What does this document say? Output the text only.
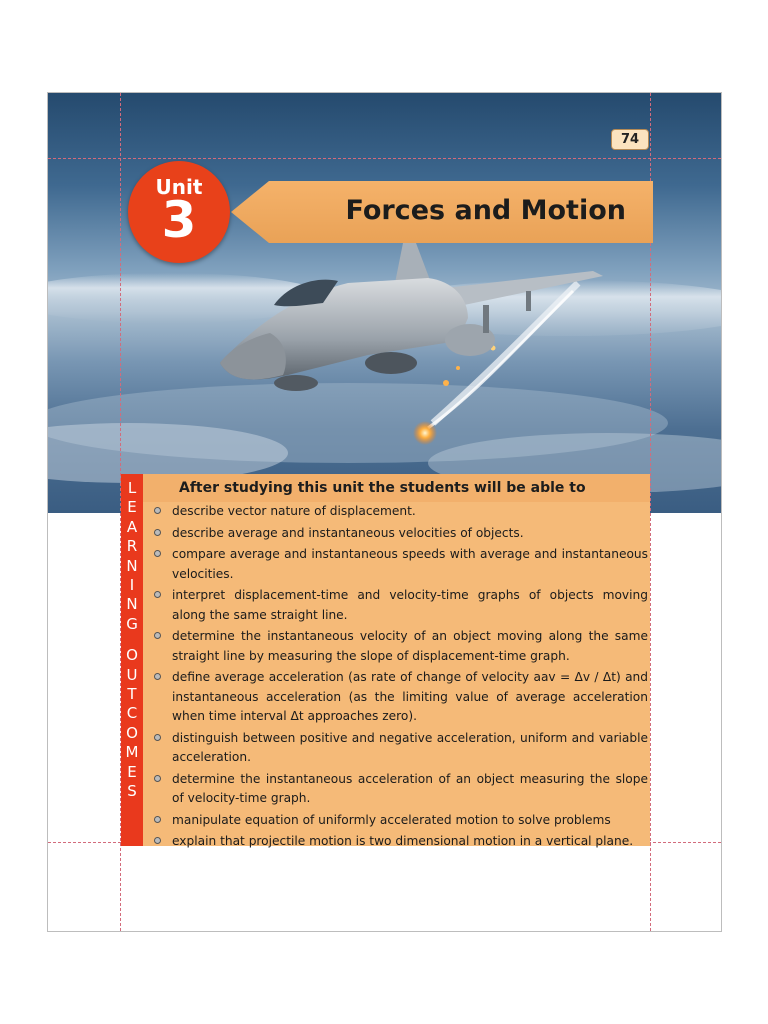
74
Forces and Motion
Unit
3
L
E
A
R
N
I
N
G
O
U
T
C
O
M
E
S
After studying this unit the students will be able to
describe vector nature of displacement.
describe average and instantaneous velocities of objects.
compare average and instantaneous speeds with average and instantaneous velocities.
interpret displacement-time and velocity-time graphs of objects moving along the same straight line.
determine the instantaneous velocity of an object moving along the same straight line by measuring the slope of displacement-time graph.
define average acceleration (as rate of change of velocity aav = Δv / Δt) and instantaneous acceleration (as the limiting value of average acceleration when time interval Δt approaches zero).
distinguish between positive and negative acceleration, uniform and variable acceleration.
determine the instantaneous acceleration of an object measuring the slope of velocity-time graph.
manipulate equation of uniformly accelerated motion to solve problems
explain that projectile motion is two dimensional motion in a vertical plane.
